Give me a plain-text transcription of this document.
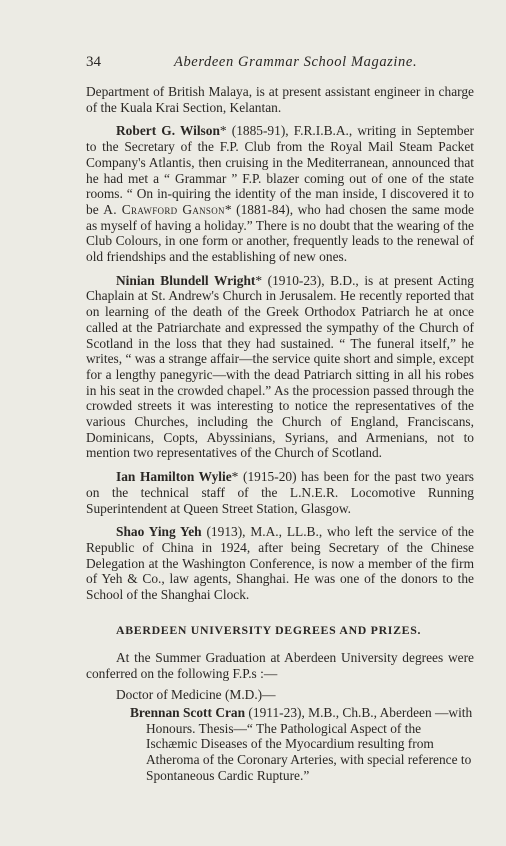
34	Aberdeen Grammar School Magazine.

Department of British Malaya, is at present assistant engineer in charge of the Kuala Krai Section, Kelantan.

Robert G. Wilson* (1885-91), F.R.I.B.A., writing in September to the Secretary of the F.P. Club from the Royal Mail Steam Packet Company's Atlantis, then cruising in the Mediterranean, announced that he had met a “ Grammar ” F.P. blazer coming out of one of the state rooms. “ On in-quiring the identity of the man inside, I discovered it to be A. Crawford Ganson* (1881-84), who had chosen the same mode as myself of having a holiday.” There is no doubt that the wearing of the Club Colours, in one form or another, frequently leads to the renewal of old friendships and the establishing of new ones.

Ninian Blundell Wright* (1910-23), B.D., is at present Acting Chaplain at St. Andrew's Church in Jerusalem. He recently reported that on learning of the death of the Greek Orthodox Patriarch he at once called at the Patriarchate and expressed the sympathy of the Church of Scotland in the loss that they had sustained. “ The funeral itself,” he writes, “ was a strange affair—the service quite short and simple, except for a lengthy panegyric—with the dead Patriarch sitting in all his robes in his seat in the crowded chapel.” As the procession passed through the crowded streets it was interesting to notice the representatives of the various Churches, including the Church of England, Franciscans, Dominicans, Copts, Abyssinians, Syrians, and Armenians, not to mention two representatives of the Church of Scotland.

Ian Hamilton Wylie* (1915-20) has been for the past two years on the technical staff of the L.N.E.R. Locomotive Running Superintendent at Queen Street Station, Glasgow.

Shao Ying Yeh (1913), M.A., LL.B., who left the service of the Republic of China in 1924, after being Secretary of the Chinese Delegation at the Washington Conference, is now a member of the firm of Yeh & Co., law agents, Shanghai. He was one of the donors to the School of the Shanghai Clock.

ABERDEEN UNIVERSITY DEGREES AND PRIZES.

At the Summer Graduation at Aberdeen University degrees were conferred on the following F.P.s :—

Doctor of Medicine (M.D.)—

Brennan Scott Cran (1911-23), M.B., Ch.B., Aberdeen —with Honours. Thesis—“ The Pathological Aspect of the Ischæmic Diseases of the Myocardium resulting from Atheroma of the Coronary Arteries, with special reference to Spontaneous Cardic Rupture.”
